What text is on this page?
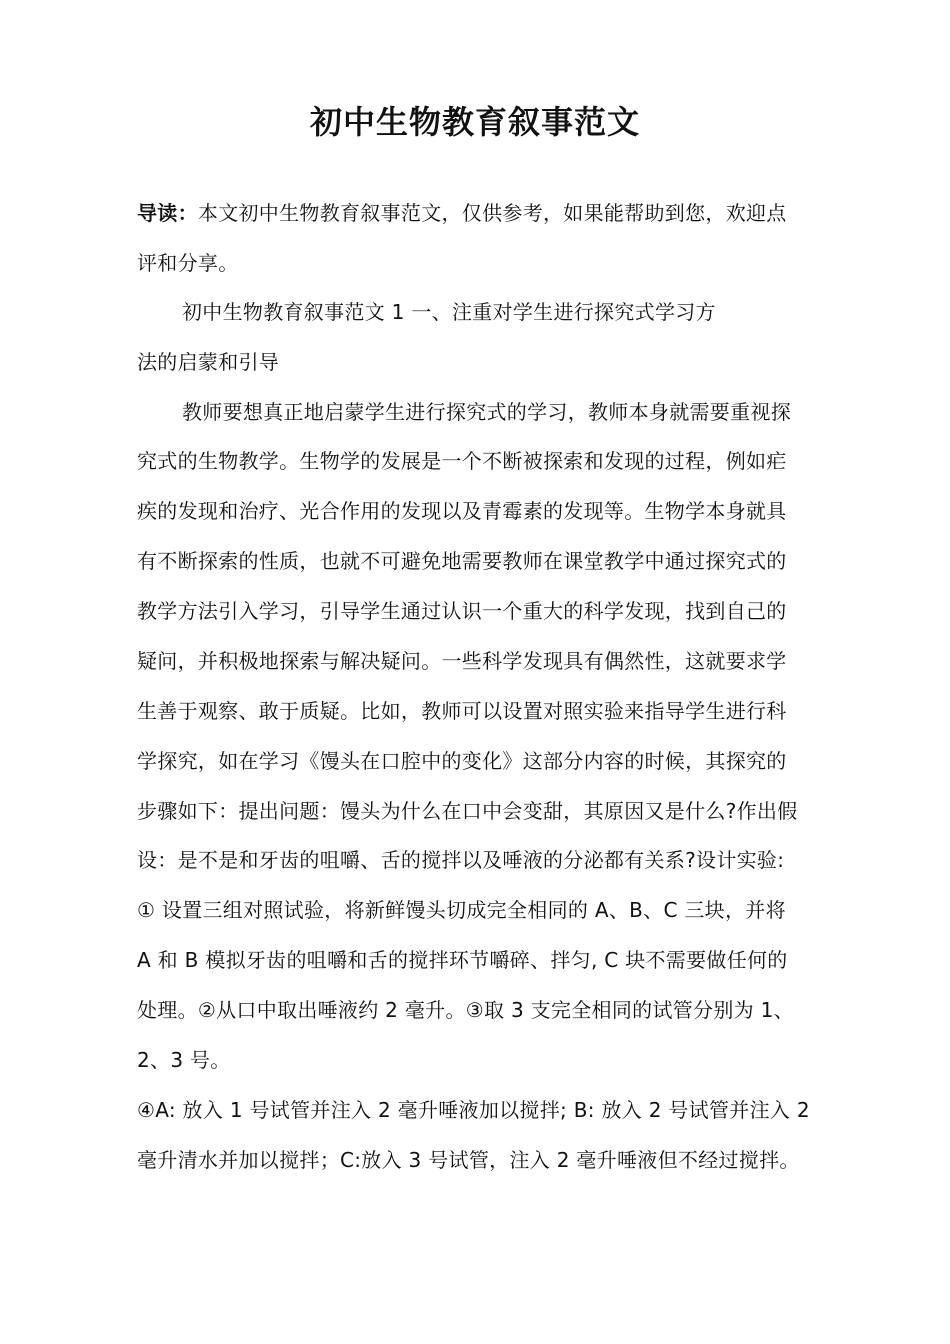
初中生物教育叙事范文
导读：本文初中生物教育叙事范文，仅供参考，如果能帮助到您，欢迎点
评和分享。
初中生物教育叙事范文 1 一、注重对学生进行探究式学习方
法的启蒙和引导
教师要想真正地启蒙学生进行探究式的学习，教师本身就需要重视探
究式的生物教学。生物学的发展是一个不断被探索和发现的过程，例如疟
疾的发现和治疗、光合作用的发现以及青霉素的发现等。生物学本身就具
有不断探索的性质，也就不可避免地需要教师在课堂教学中通过探究式的
教学方法引入学习，引导学生通过认识一个重大的科学发现，找到自己的
疑问，并积极地探索与解决疑问。一些科学发现具有偶然性，这就要求学
生善于观察、敢于质疑。比如，教师可以设置对照实验来指导学生进行科
学探究，如在学习《馒头在口腔中的变化》这部分内容的时候，其探究的
步骤如下：提出问题：馒头为什么在口中会变甜，其原因又是什么?作出假
设：是不是和牙齿的咀嚼、舌的搅拌以及唾液的分泌都有关系?设计实验:
① 设置三组对照试验，将新鲜馒头切成完全相同的 A、B、C 三块，并将
A 和 B 模拟牙齿的咀嚼和舌的搅拌环节嚼碎、拌匀, C 块不需要做任何的
处理。②从口中取出唾液约 2 毫升。③取 3 支完全相同的试管分别为 1、
2、3 号。
④A: 放入 1 号试管并注入 2 毫升唾液加以搅拌; B: 放入 2 号试管并注入 2
毫升清水并加以搅拌；C:放入 3 号试管，注入 2 毫升唾液但不经过搅拌。
